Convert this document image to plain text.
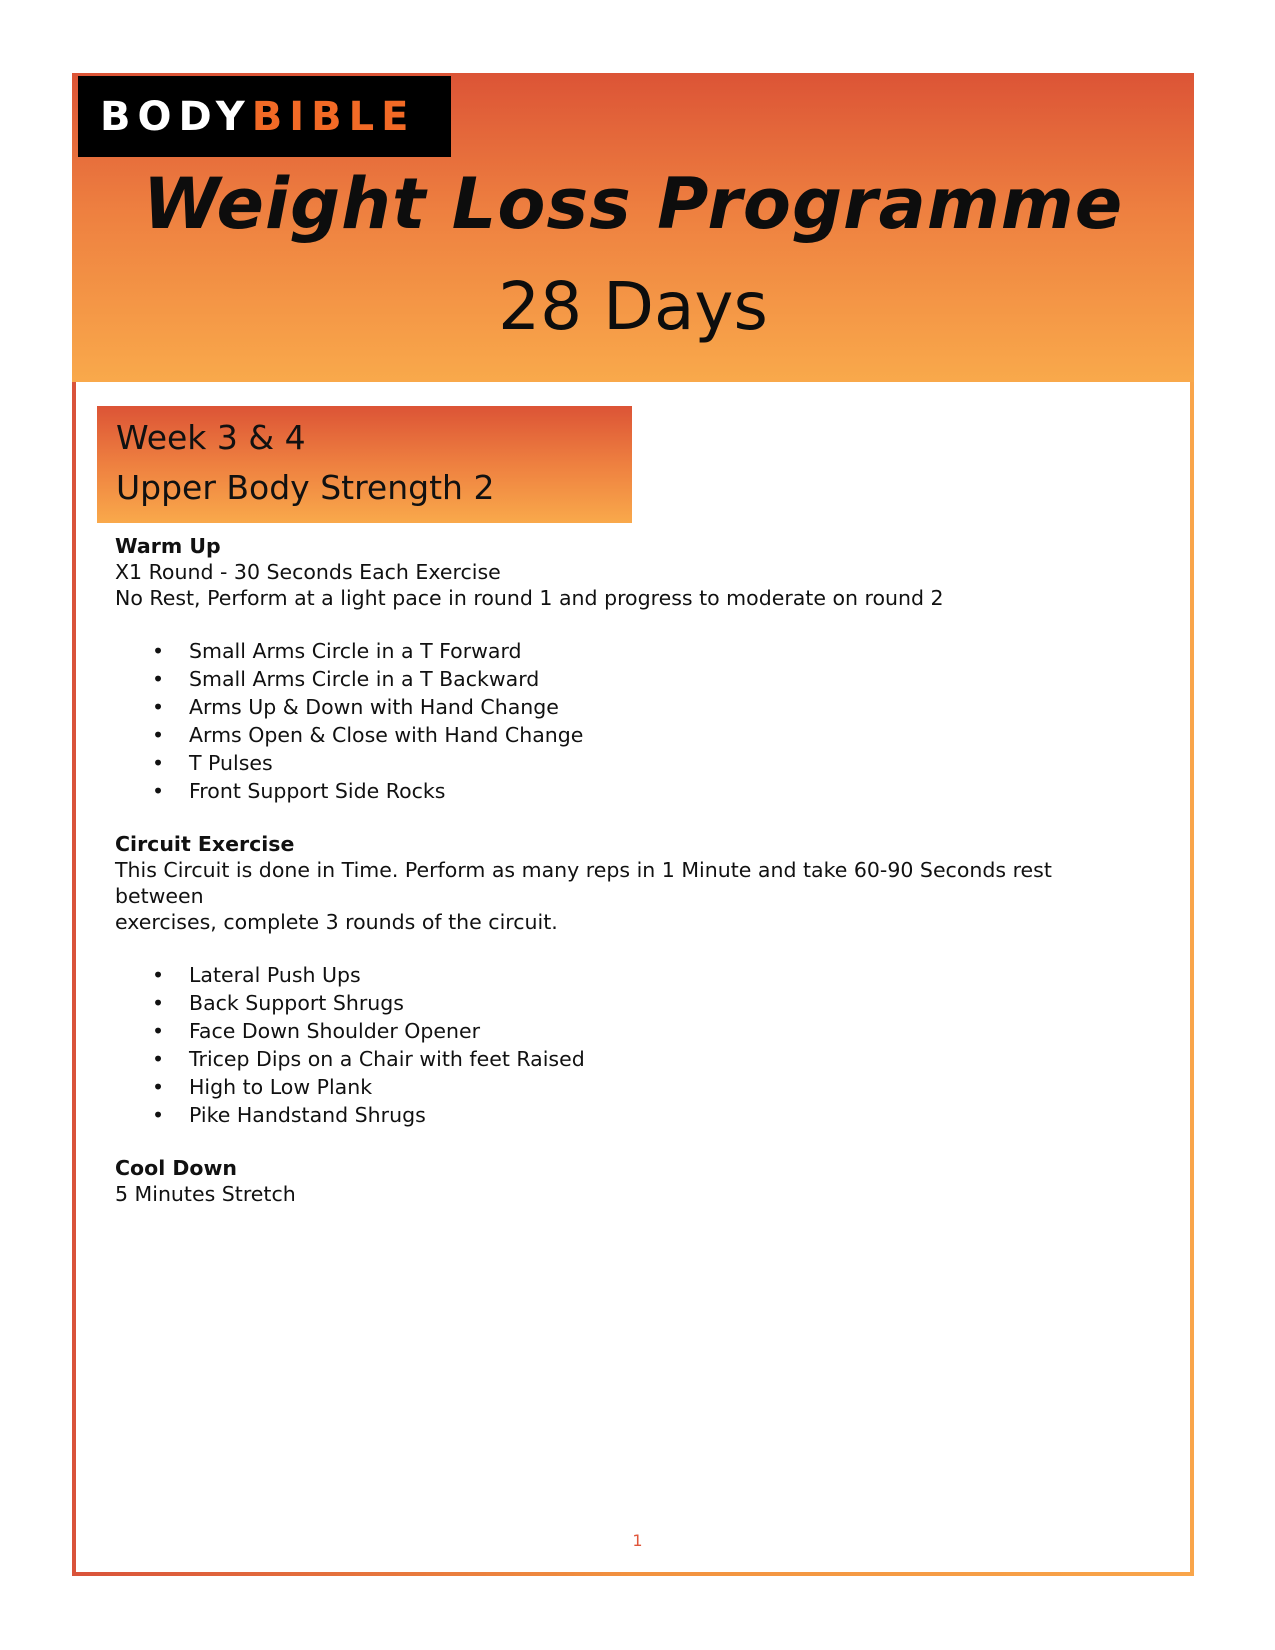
BODYBIBLE
Weight Loss Programme
28 Days
Week 3 & 4
Upper Body Strength 2

Warm Up

X1 Round - 30 Seconds Each Exercise

No Rest, Perform at a light pace in round 1 and progress to moderate on round 2

• Small Arms Circle in a T Forward
• Small Arms Circle in a T Backward
• Arms Up & Down with Hand Change
• Arms Open & Close with Hand Change
• T Pulses
• Front Support Side Rocks

Circuit Exercise

This Circuit is done in Time. Perform as many reps in 1 Minute and take 60-90 Seconds rest between

exercises, complete 3 rounds of the circuit.

• Lateral Push Ups
• Back Support Shrugs
• Face Down Shoulder Opener
• Tricep Dips on a Chair with feet Raised
• High to Low Plank
• Pike Handstand Shrugs

Cool Down

5 Minutes Stretch

1
